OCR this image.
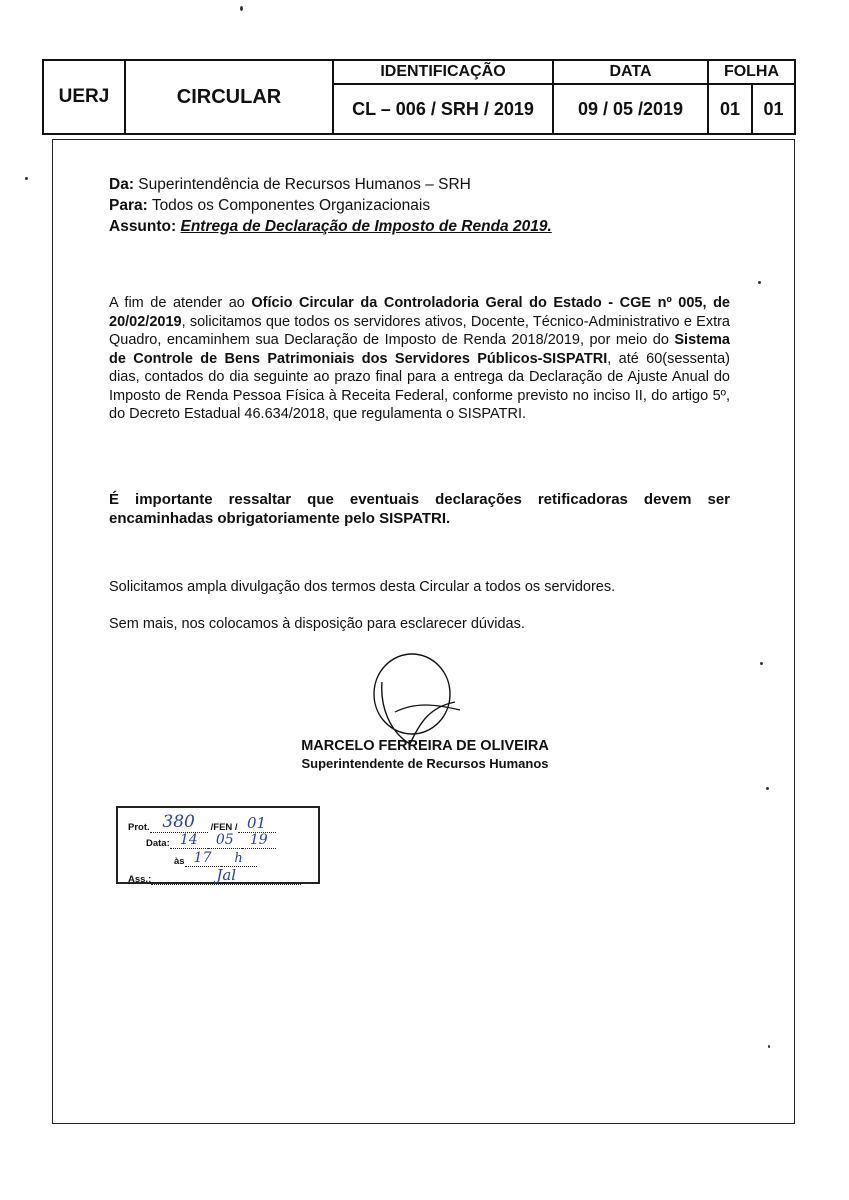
UERJ	CIRCULAR
IDENTIFICAÇÃO	DATA	FOLHA
CL – 006 / SRH / 2019	09 / 05 /2019	01	01
Da: Superintendência de Recursos Humanos – SRH
Para: Todos os Componentes Organizacionais
Assunto: Entrega de Declaração de Imposto de Renda 2019.
A fim de atender ao Ofício Circular da Controladoria Geral do Estado - CGE nº 005, de 20/02/2019, solicitamos que todos os servidores ativos, Docente, Técnico-Administrativo e Extra Quadro, encaminhem sua Declaração de Imposto de Renda 2018/2019, por meio do Sistema de Controle de Bens Patrimoniais dos Servidores Públicos-SISPATRI, até 60(sessenta) dias, contados do dia seguinte ao prazo final para a entrega da Declaração de Ajuste Anual do Imposto de Renda Pessoa Física à Receita Federal, conforme previsto no inciso II, do artigo 5º, do Decreto Estadual 46.634/2018, que regulamenta o SISPATRI.
É importante ressaltar que eventuais declarações retificadoras devem ser encaminhadas obrigatoriamente pelo SISPATRI.
Solicitamos ampla divulgação dos termos desta Circular a todos os servidores.
Sem mais, nos colocamos à disposição para esclarecer dúvidas.
MARCELO FERREIRA DE OLIVEIRA
Superintendente de Recursos Humanos
Prot. 380	/FEN / 01
Data: 14	05	19
às 17	h
Ass.:	Jal
